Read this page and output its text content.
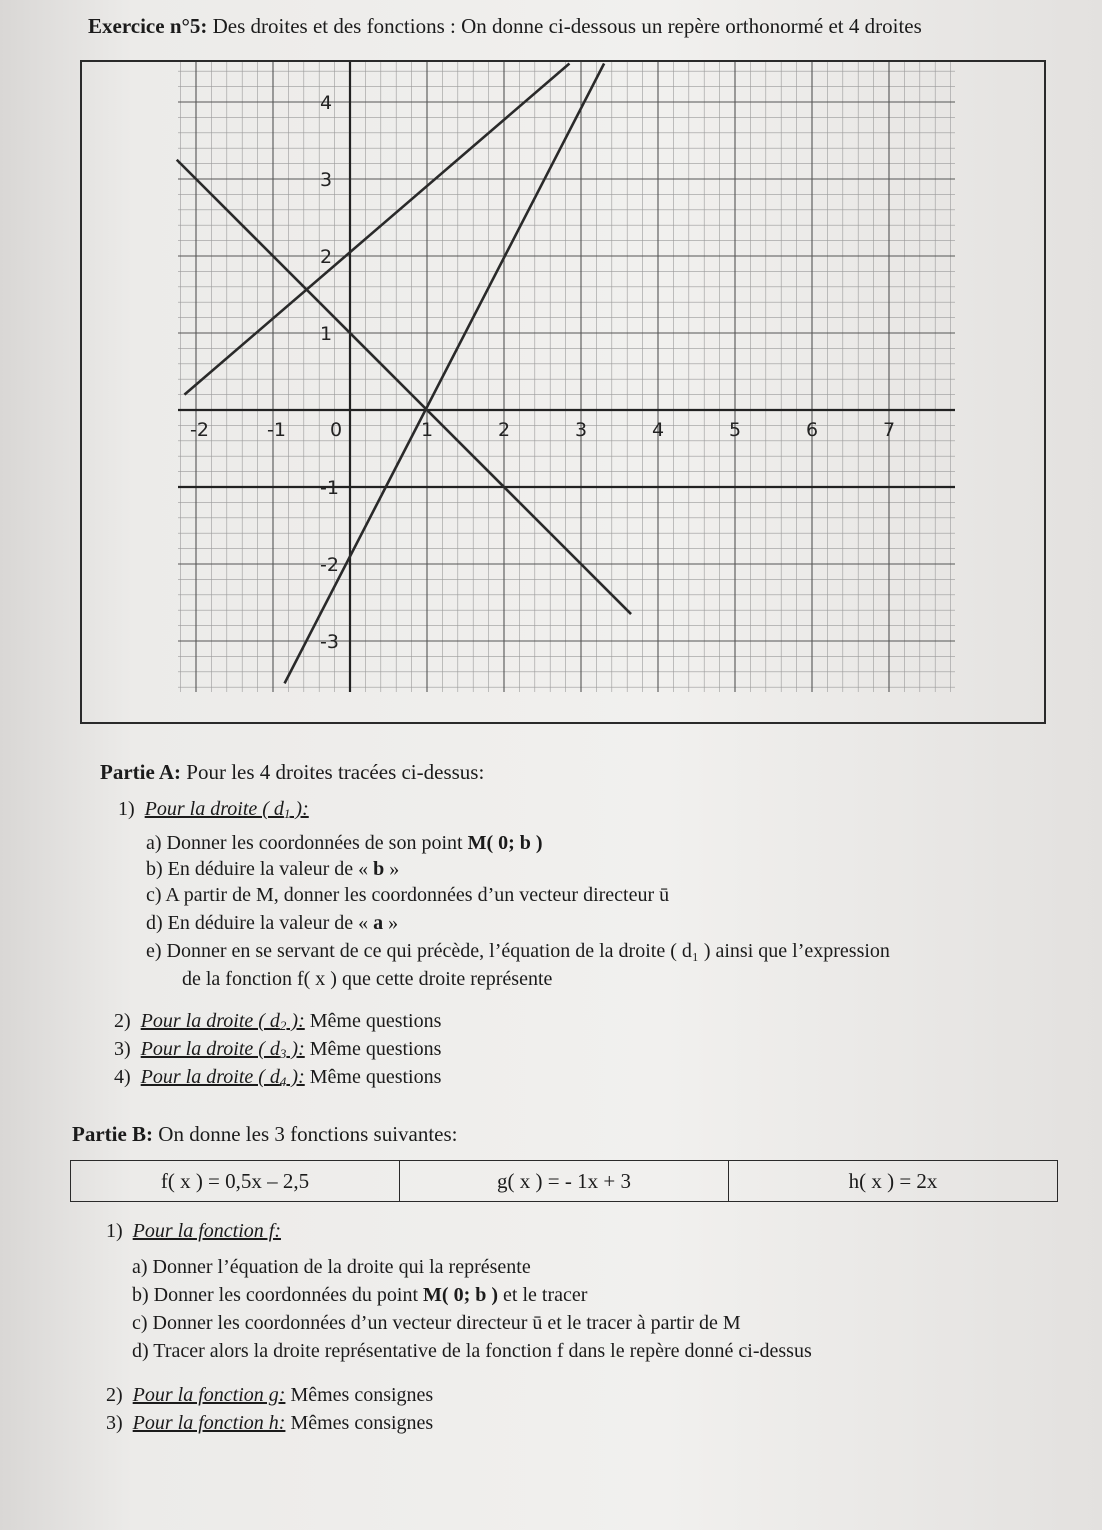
Exercice n°5: Des droites et des fonctions : On donne ci-dessous un repère orthonormé et 4 droites
-2	-1 0	1	2	3	4	5	6	7
4
3
2
1
-1
-2
-3
Partie A: Pour les 4 droites tracées ci-dessus:
1) Pour la droite ( $d_1$ ):
a) Donner les coordonnées de son point M( 0; b )
b) En déduire la valeur de « b »
c) A partir de M, donner les coordonnées d’un vecteur directeur ū
d) En déduire la valeur de « a »
e) Donner en se servant de ce qui précède, l’équation de la droite ( d₁ ) ainsi que l’expression
de la fonction f( x ) que cette droite représente
2) Pour la droite ( $d_2$ ): Même questions
3) Pour la droite ( $d_3$ ): Même questions
4) Pour la droite ( $d_4$ ): Même questions
Partie B: On donne les 3 fonctions suivantes:
f( x ) = 0,5x – 2,5	g( x ) = - 1x + 3	h( x ) = 2x
1) Pour la fonction f:
a) Donner l’équation de la droite qui la représente
b) Donner les coordonnées du point M( 0; b ) et le tracer
c) Donner les coordonnées d’un vecteur directeur ū et le tracer à partir de M
d) Tracer alors la droite représentative de la fonction f dans le repère donné ci-dessus
2) Pour la fonction g: Mêmes consignes
3) Pour la fonction h: Mêmes consignes
